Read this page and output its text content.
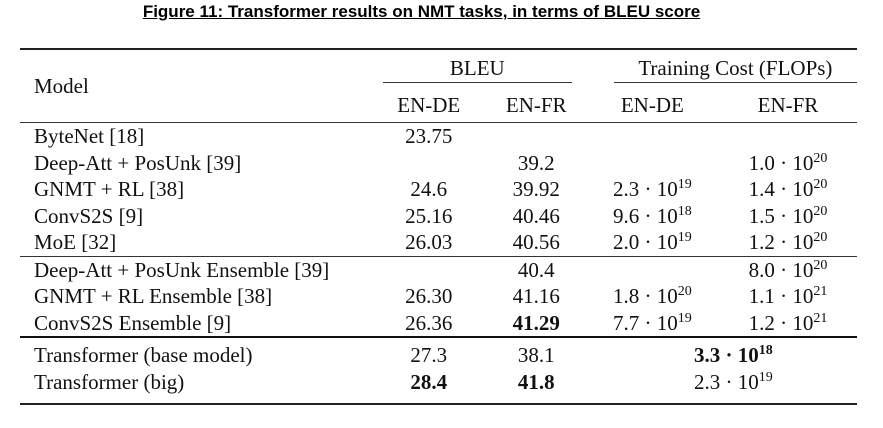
Figure 11: Transformer results on NMT tasks, in terms of BLEU score
Model	BLEU		Training Cost (FLOPs)	

	EN-DE	EN-FR	EN-DE	EN-FR
ByteNet [18]	23.75			
Deep-Att + PosUnk [39]		39.2		$1.0 \cdot 10^{20}$
GNMT + RL [38]	24.6	39.92	$2.3 \cdot 10^{19}$	$1.4 \cdot 10^{20}$
ConvS2S [9]	25.16	40.46	$9.6 \cdot 10^{18}$	$1.5 \cdot 10^{20}$
MoE [32]	26.03	40.56	$2.0 \cdot 10^{19}$	$1.2 \cdot 10^{20}$
Deep-Att + PosUnk Ensemble [39]		40.4		$8.0 \cdot 10^{20}$
GNMT + RL Ensemble [38]	26.30	41.16	$1.8 \cdot 10^{20}$	$1.1 \cdot 10^{21}$
ConvS2S Ensemble [9]	26.36	41.29	$7.7 \cdot 10^{19}$	$1.2 \cdot 10^{21}$
Transformer (base model)	27.3	38.1	$3.3 \cdot 10^{18}$
Transformer (big)	28.4	41.8	$2.3 \cdot 10^{19}$
